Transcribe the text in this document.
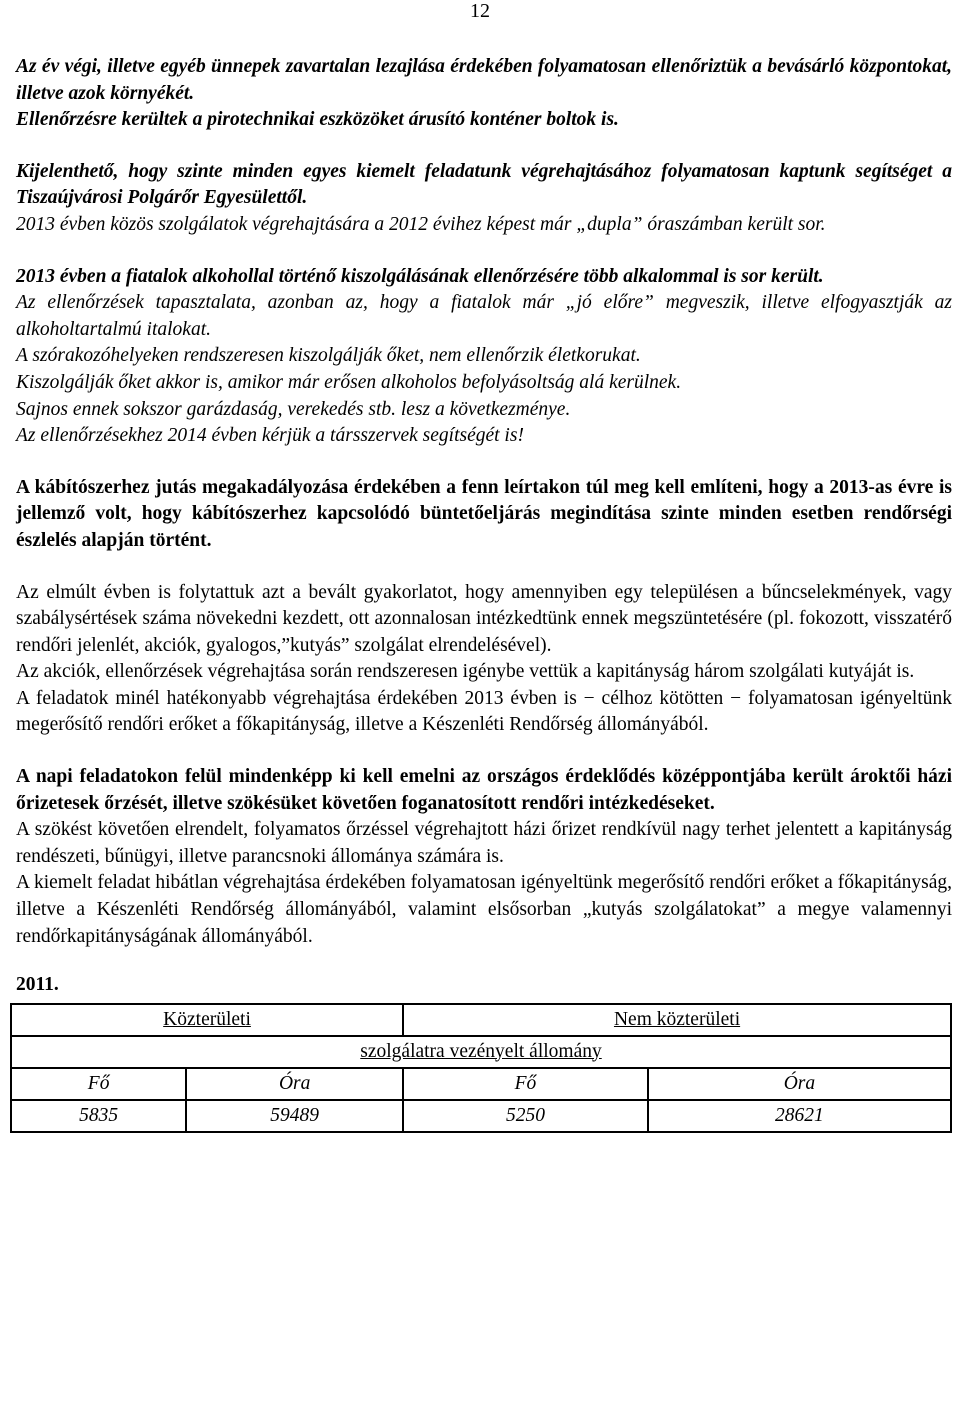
12

Az év végi, illetve egyéb ünnepek zavartalan lezajlása érdekében folyamatosan ellenőriztük a bevásárló központokat, illetve azok környékét.

Ellenőrzésre kerültek a pirotechnikai eszközöket árusító konténer boltok is.

Kijelenthető, hogy szinte minden egyes kiemelt feladatunk végrehajtásához folyamatosan kaptunk segítséget a Tiszaújvárosi Polgárőr Egyesülettől.

2013 évben közös szolgálatok végrehajtására a 2012 évihez képest már „dupla” óraszámban került sor.

2013 évben a fiatalok alkohollal történő kiszolgálásának ellenőrzésére több alkalommal is sor került.

Az ellenőrzések tapasztalata, azonban az, hogy a fiatalok már „jó előre” megveszik, illetve elfogyasztják az alkoholtartalmú italokat.

A szórakozóhelyeken rendszeresen kiszolgálják őket, nem ellenőrzik életkorukat.

Kiszolgálják őket akkor is, amikor már erősen alkoholos befolyásoltság alá kerülnek.

Sajnos ennek sokszor garázdaság, verekedés stb. lesz a következménye.

Az ellenőrzésekhez 2014 évben kérjük a társszervek segítségét is!

A kábítószerhez jutás megakadályozása érdekében a fenn leírtakon túl meg kell említeni, hogy a 2013-as évre is jellemző volt, hogy kábítószerhez kapcsolódó büntetőeljárás megindítása szinte minden esetben rendőrségi észlelés alapján történt.

Az elmúlt évben is folytattuk azt a bevált gyakorlatot, hogy amennyiben egy településen a bűncselekmények, vagy szabálysértések száma növekedni kezdett, ott azonnalosan intézkedtünk ennek megszüntetésére (pl. fokozott, visszatérő rendőri jelenlét, akciók, gyalogos,”kutyás” szolgálat elrendelésével).

Az akciók, ellenőrzések végrehajtása során rendszeresen igénybe vettük a kapitányság három szolgálati kutyáját is.

A feladatok minél hatékonyabb végrehajtása érdekében 2013 évben is − célhoz kötötten − folyamatosan igényeltünk megerősítő rendőri erőket a főkapitányság, illetve a Készenléti Rendőrség állományából.

A napi feladatokon felül mindenképp ki kell emelni az országos érdeklődés középpontjába került ároktői házi őrizetesek őrzését, illetve szökésüket követően foganatosított rendőri intézkedéseket.

A szökést követően elrendelt, folyamatos őrzéssel végrehajtott házi őrizet rendkívül nagy terhet jelentett a kapitányság rendészeti, bűnügyi, illetve parancsnoki állománya számára is.

A kiemelt feladat hibátlan végrehajtása érdekében folyamatosan igényeltünk megerősítő rendőri erőket a főkapitányság, illetve a Készenléti Rendőrség állományából, valamint elsősorban „kutyás szolgálatokat” a megye valamennyi rendőrkapitányságának állományából.

2011.
Közterületi		Nem közterületi	
szolgálatra vezényelt állomány			
Fő	Óra	Fő	Óra
5835	59489	5250	28621
